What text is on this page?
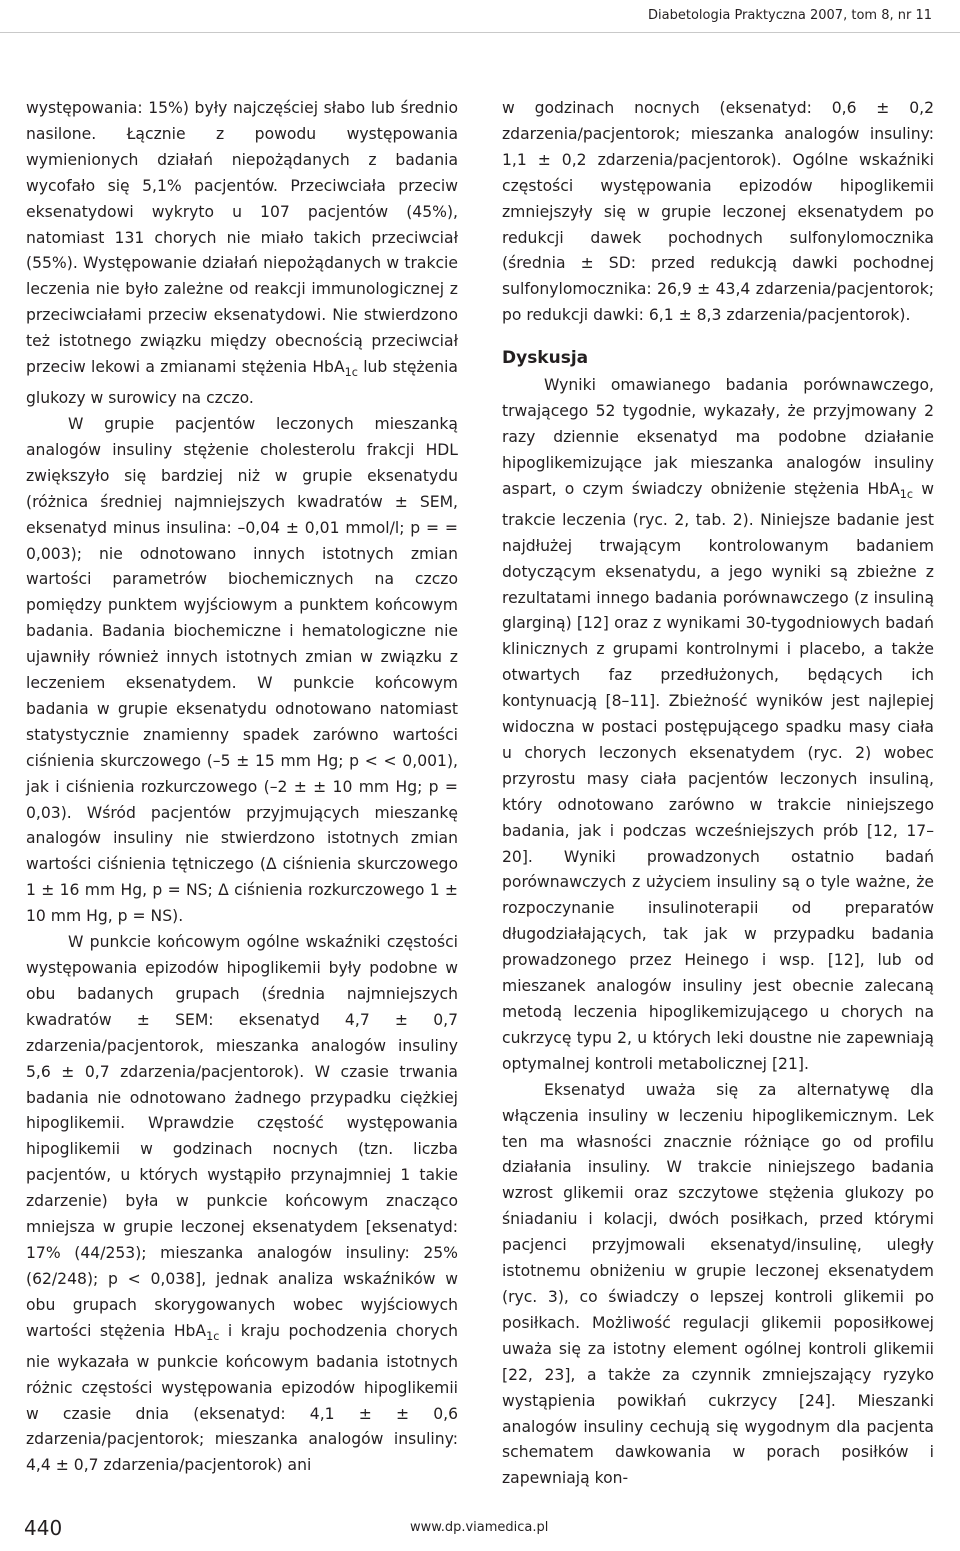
Diabetologia Praktyczna 2007, tom 8, nr 11

występowania: 15%) były najczęściej słabo lub średnio nasilone. Łącznie z powodu występowania wymienionych działań niepożądanych z badania wycofało się 5,1% pacjentów. Przeciwciała przeciw eksenatydowi wykryto u 107 pacjentów (45%), natomiast 131 chorych nie miało takich przeciwciał (55%). Występowanie działań niepożądanych w trakcie leczenia nie było zależne od reakcji immunologicznej z przeciwciałami przeciw eksenatydowi. Nie stwierdzono też istotnego związku między obecnością przeciwciał przeciw lekowi a zmianami stężenia HbA$_{1c}$ lub stężenia glukozy w surowicy na czczo.

W grupie pacjentów leczonych mieszanką analogów insuliny stężenie cholesterolu frakcji HDL zwiększyło się bardziej niż w grupie eksenatydu (różnica średniej najmniejszych kwadratów ± SEM, eksenatyd minus insulina: –0,04 ± 0,01 mmol/l; p = = 0,003); nie odnotowano innych istotnych zmian wartości parametrów biochemicznych na czczo pomiędzy punktem wyjściowym a punktem końcowym badania. Badania biochemiczne i hematologiczne nie ujawniły również innych istotnych zmian w związku z leczeniem eksenatydem. W punkcie końcowym badania w grupie eksenatydu odnotowano natomiast statystycznie znamienny spadek zarówno wartości ciśnienia skurczowego (–5 ± 15 mm Hg; p < < 0,001), jak i ciśnienia rozkurczowego (–2 ± ± 10 mm Hg; p = 0,03). Wśród pacjentów przyjmujących mieszankę analogów insuliny nie stwierdzono istotnych zmian wartości ciśnienia tętniczego (Δ ciśnienia skurczowego 1 ± 16 mm Hg, p = NS; Δ ciśnienia rozkurczowego 1 ± 10 mm Hg, p = NS).

W punkcie końcowym ogólne wskaźniki częstości występowania epizodów hipoglikemii były podobne w obu badanych grupach (średnia najmniejszych kwadratów ± SEM: eksenatyd 4,7 ± 0,7 zdarzenia/pacjentorok, mieszanka analogów insuliny 5,6 ± 0,7 zdarzenia/pacjentorok). W czasie trwania badania nie odnotowano żadnego przypadku ciężkiej hipoglikemii. Wprawdzie częstość występowania hipoglikemii w godzinach nocnych (tzn. liczba pacjentów, u których wystąpiło przynajmniej 1 takie zdarzenie) była w punkcie końcowym znacząco mniejsza w grupie leczonej eksenatydem [eksenatyd: 17% (44/253); mieszanka analogów insuliny: 25% (62/248); p < 0,038], jednak analiza wskaźników w obu grupach skorygowanych wobec wyjściowych wartości stężenia HbA$_{1c}$ i kraju pochodzenia chorych nie wykazała w punkcie końcowym badania istotnych różnic częstości występowania epizodów hipoglikemii w czasie dnia (eksenatyd: 4,1 ± ± 0,6 zdarzenia/pacjentorok; mieszanka analogów insuliny: 4,4 ± 0,7 zdarzenia/pacjentorok) ani

w godzinach nocnych (eksenatyd: 0,6 ± 0,2 zdarzenia/pacjentorok; mieszanka analogów insuliny: 1,1 ± 0,2 zdarzenia/pacjentorok). Ogólne wskaźniki częstości występowania epizodów hipoglikemii zmniejszyły się w grupie leczonej eksenatydem po redukcji dawek pochodnych sulfonylomocznika (średnia ± SD: przed redukcją dawki pochodnej sulfonylomocznika: 26,9 ± 43,4 zdarzenia/pacjentorok; po redukcji dawki: 6,1 ± 8,3 zdarzenia/pacjentorok).

Dyskusja

Wyniki omawianego badania porównawczego, trwającego 52 tygodnie, wykazały, że przyjmowany 2 razy dziennie eksenatyd ma podobne działanie hipoglikemizujące jak mieszanka analogów insuliny aspart, o czym świadczy obniżenie stężenia HbA$_{1c}$ w trakcie leczenia (ryc. 2, tab. 2). Niniejsze badanie jest najdłużej trwającym kontrolowanym badaniem dotyczącym eksenatydu, a jego wyniki są zbieżne z rezultatami innego badania porównawczego (z insuliną glarginą) [12] oraz z wynikami 30-tygodniowych badań klinicznych z grupami kontrolnymi i placebo, a także otwartych faz przedłużonych, będących ich kontynuacją [8–11]. Zbieżność wyników jest najlepiej widoczna w postaci postępującego spadku masy ciała u chorych leczonych eksenatydem (ryc. 2) wobec przyrostu masy ciała pacjentów leczonych insuliną, który odnotowano zarówno w trakcie niniejszego badania, jak i podczas wcześniejszych prób [12, 17–20]. Wyniki prowadzonych ostatnio badań porównawczych z użyciem insuliny są o tyle ważne, że rozpoczynanie insulinoterapii od preparatów długodziałających, tak jak w przypadku badania prowadzonego przez Heinego i wsp. [12], lub od mieszanek analogów insuliny jest obecnie zalecaną metodą leczenia hipoglikemizującego u chorych na cukrzycę typu 2, u których leki doustne nie zapewniają optymalnej kontroli metabolicznej [21].

Eksenatyd uważa się za alternatywę dla włączenia insuliny w leczeniu hipoglikemicznym. Lek ten ma własności znacznie różniące go od profilu działania insuliny. W trakcie niniejszego badania wzrost glikemii oraz szczytowe stężenia glukozy po śniadaniu i kolacji, dwóch posiłkach, przed którymi pacjenci przyjmowali eksenatyd/insulinę, uległy istotnemu obniżeniu w grupie leczonej eksenatydem (ryc. 3), co świadczy o lepszej kontroli glikemii po posiłkach. Możliwość regulacji glikemii poposiłkowej uważa się za istotny element ogólnej kontroli glikemii [22, 23], a także za czynnik zmniejszający ryzyko wystąpienia powikłań cukrzycy [24]. Mieszanki analogów insuliny cechują się wygodnym dla pacjenta schematem dawkowania w porach posiłków i zapewniają kon-

440	www.dp.viamedica.pl
